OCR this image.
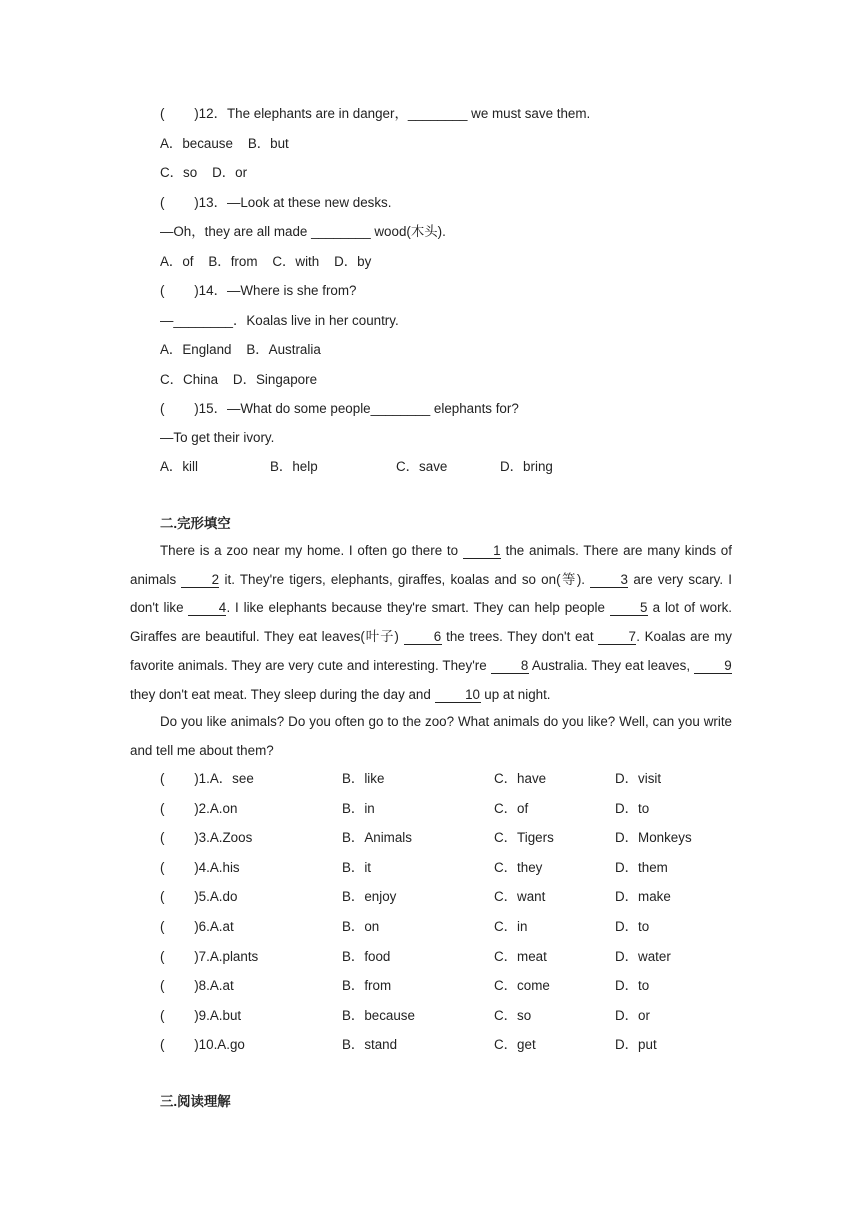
(        )12．The elephants are in danger，________ we must save them.
A．because    B．but
C．so    D．or
(        )13．—Look at these new desks.
—Oh，they are all made ________ wood(木头).
A．of    B．from    C．with    D．by
(        )14．—Where is she from?
—________．Koalas live in her country.
A．England    B．Australia
C．China    D．Singapore
(        )15．—What do some people________ elephants for?
—To get their ivory.
A．kill	B．help	C．save	D．bring
二.完形填空
There is a zoo near my home. I often go there to 1 the animals. There are many kinds of animals 2 it. They're tigers, elephants, giraffes, koalas and so on(等). 3 are very scary. I don't like 4. I like elephants because they're smart. They can help people 5 a lot of work. Giraffes are beautiful. They eat leaves(叶子) 6 the trees. They don't eat 7. Koalas are my favorite animals. They are very cute and interesting. They're 8 Australia. They eat leaves, 9 they don't eat meat. They sleep during the day and 10 up at night.
Do you like animals? Do you often go to the zoo? What animals do you like? Well, can you write and tell me about them?
(        )1.A．see	B．like	C．have	D．visit
(        )2.A.on	B．in	C．of	D．to
(        )3.A.Zoos	B．Animals	C．Tigers	D．Monkeys
(        )4.A.his	B．it	C．they	D．them
(        )5.A.do	B．enjoy	C．want	D．make
(        )6.A.at	B．on	C．in	D．to
(        )7.A.plants	B．food	C．meat	D．water
(        )8.A.at	B．from	C．come	D．to
(        )9.A.but	B．because	C．so	D．or
(        )10.A.go	B．stand	C．get	D．put
三.阅读理解
